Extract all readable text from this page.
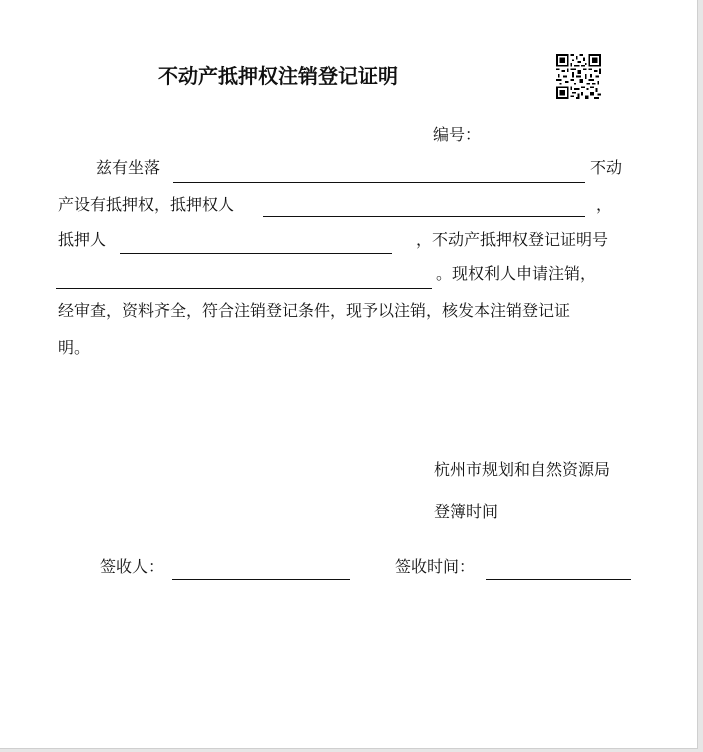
不动产抵押权注销登记证明
编号：
兹有坐落	不动
产设有抵押权，抵押权人	，
抵押人	，不动产抵押权登记证明号
。现权利人申请注销，
经审查，资料齐全，符合注销登记条件，现予以注销，核发本注销登记证
明。
杭州市规划和自然资源局
登簿时间
签收人：	签收时间：
